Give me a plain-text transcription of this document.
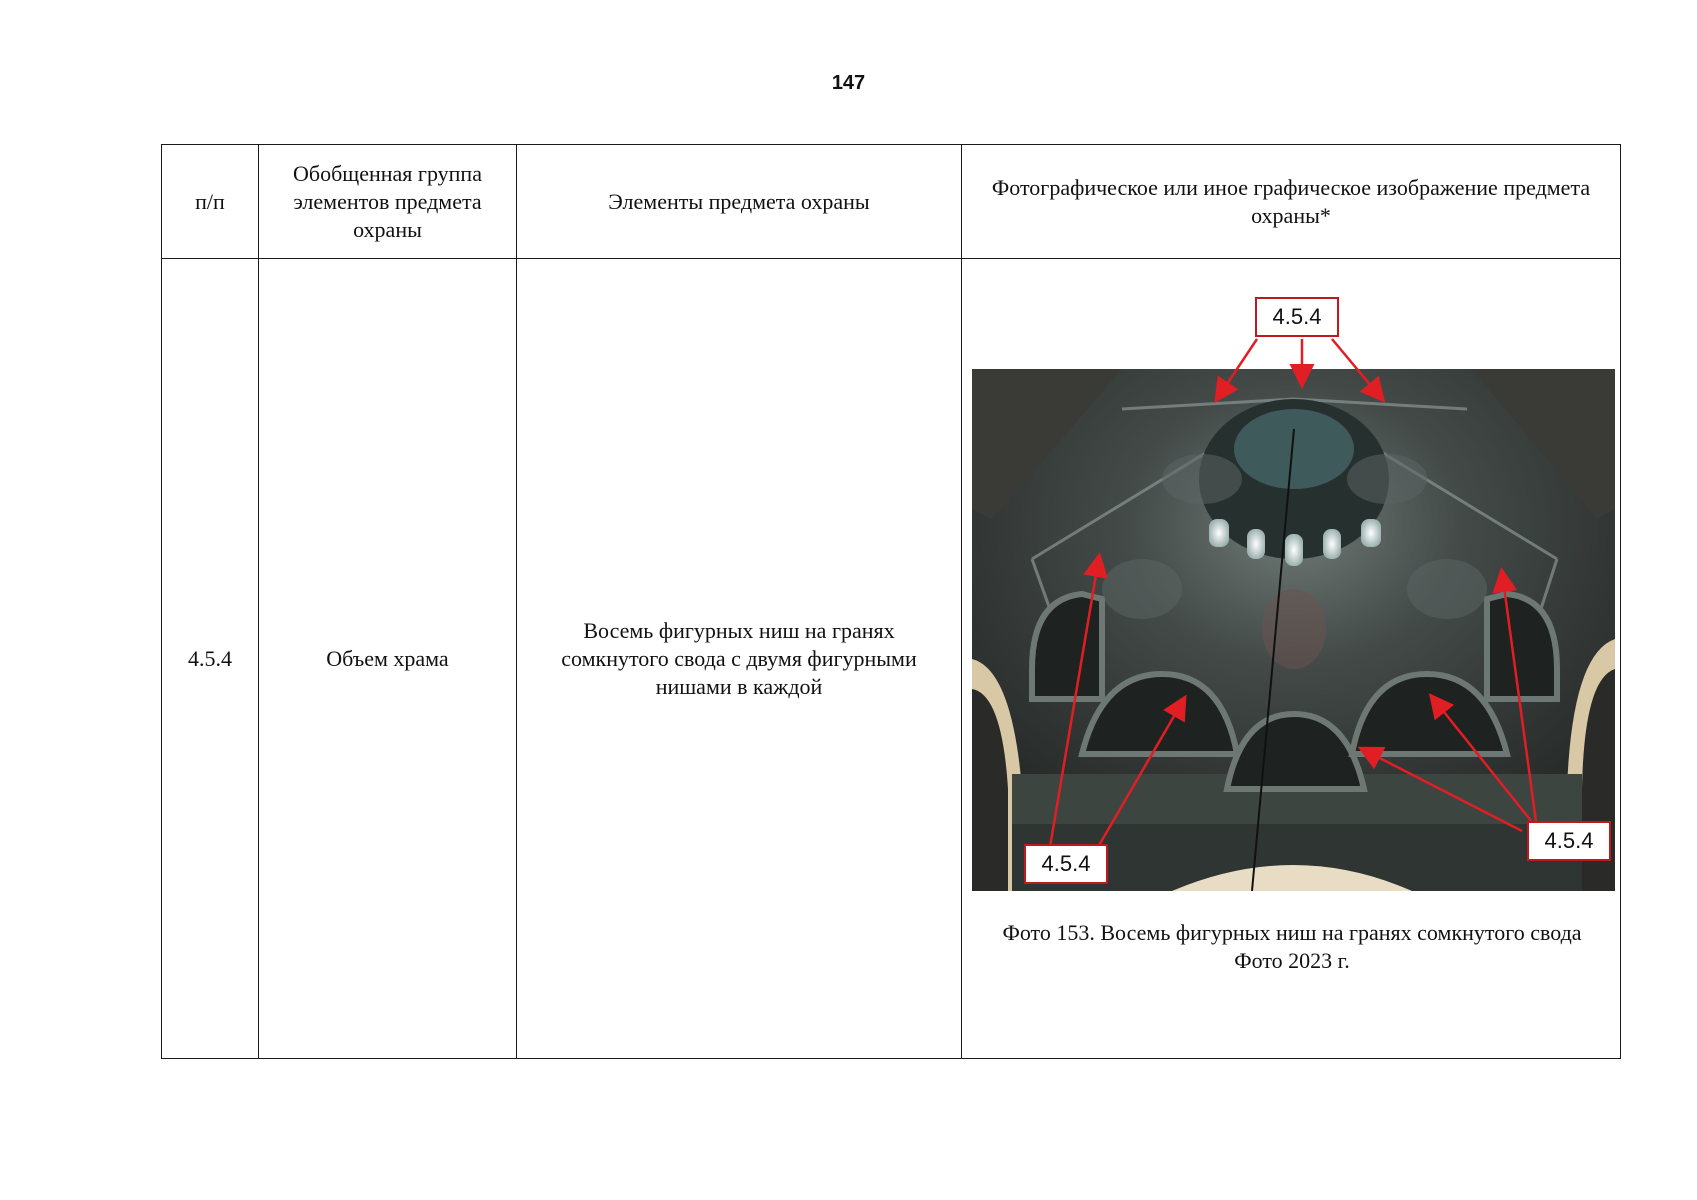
147
п/п	Обобщенная группа элементов предмета охраны	Элементы предмета охраны	Фотографическое или иное графическое изображение предмета охраны*
4.5.4	Объем храма	Восемь фигурных ниш на гранях сомкнутого свода с двумя фигурными нишами в каждой	4.5.4
4.5.4
4.5.4
Фото 153. Восемь фигурных ниш на гранях сомкнутого свода
Фото 2023 г.
